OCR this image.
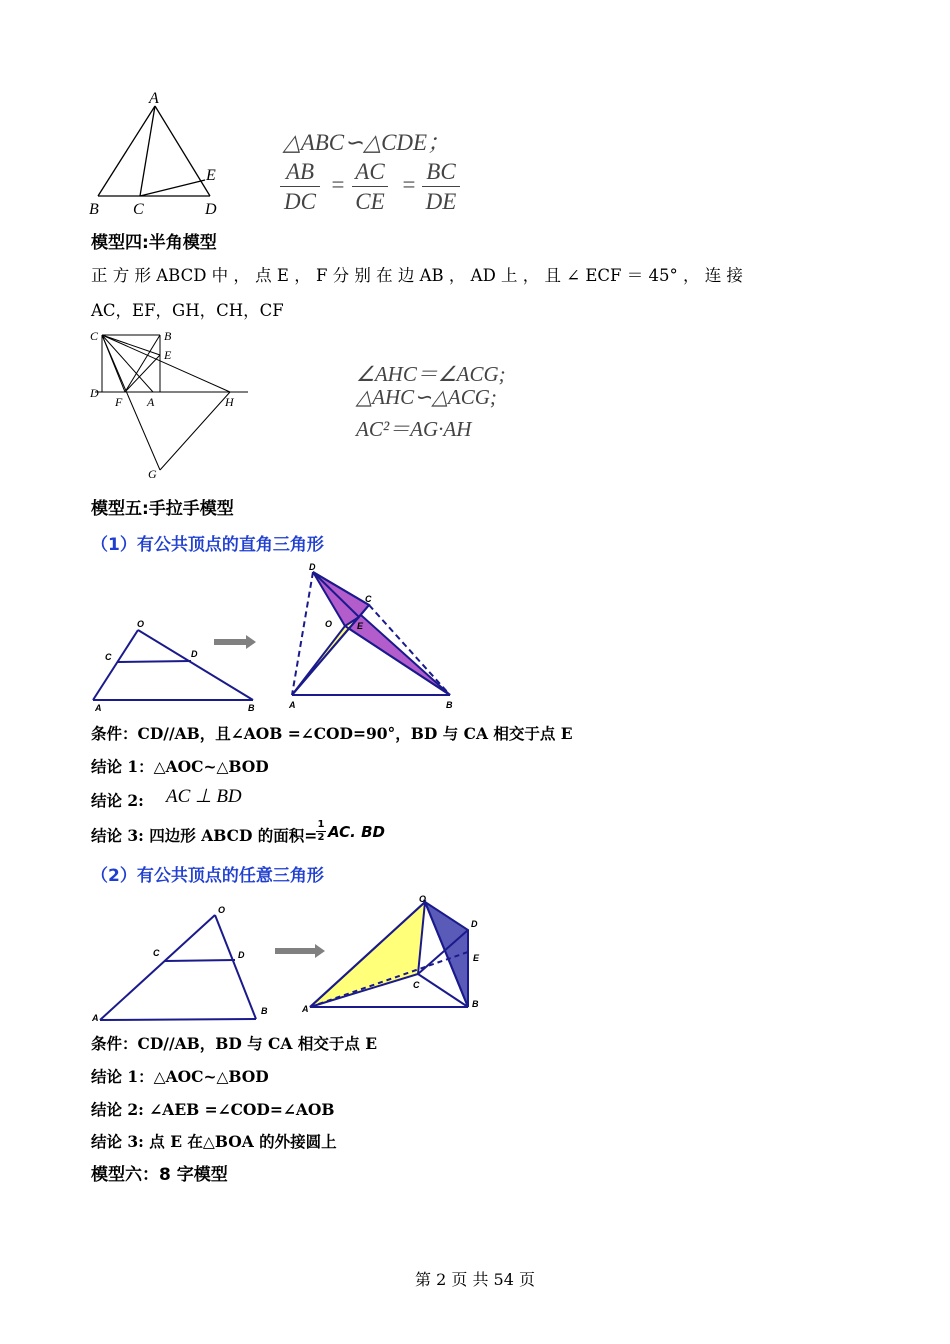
A
B C	D
E
△ABC∽△CDE；
$\frac{AB}{DC} = \frac{AC}{CE} = \frac{BC}{DE}$
模型四:半角模型
正 方 形 ABCD 中 ， 点 E ， F 分 别 在 边 AB ， AD 上 ， 且 ∠ ECF ＝ 45° ， 连 接
AC，EF，GH，CH，CF
C	B
E
D
F A	H
G
∠AHC＝∠ACG;
△AHC∽△ACG;
AC²＝AG·AH
模型五:手拉手模型
（1）有公共顶点的直角三角形
O
C	D
A	B
D
C
O	E
A	B
条件：CD//AB，且∠AOB =∠COD=90°，BD 与 CA 相交于点 E
结论 1：△AOC~△BOD
结论 2: AC ⊥ BD
结论 3: 四边形 ABCD 的面积=
$\frac{1}{2}$ AC. BD
（2）有公共顶点的任意三角形
O
C	D
A
B
O
D
E
C
A	B
条件：CD//AB，BD 与 CA 相交于点 E
结论 1：△AOC~△BOD
结论 2: ∠AEB =∠COD=∠AOB
结论 3: 点 E 在△BOA 的外接圆上
模型六：8 字模型
第 2 页 共 54 页
